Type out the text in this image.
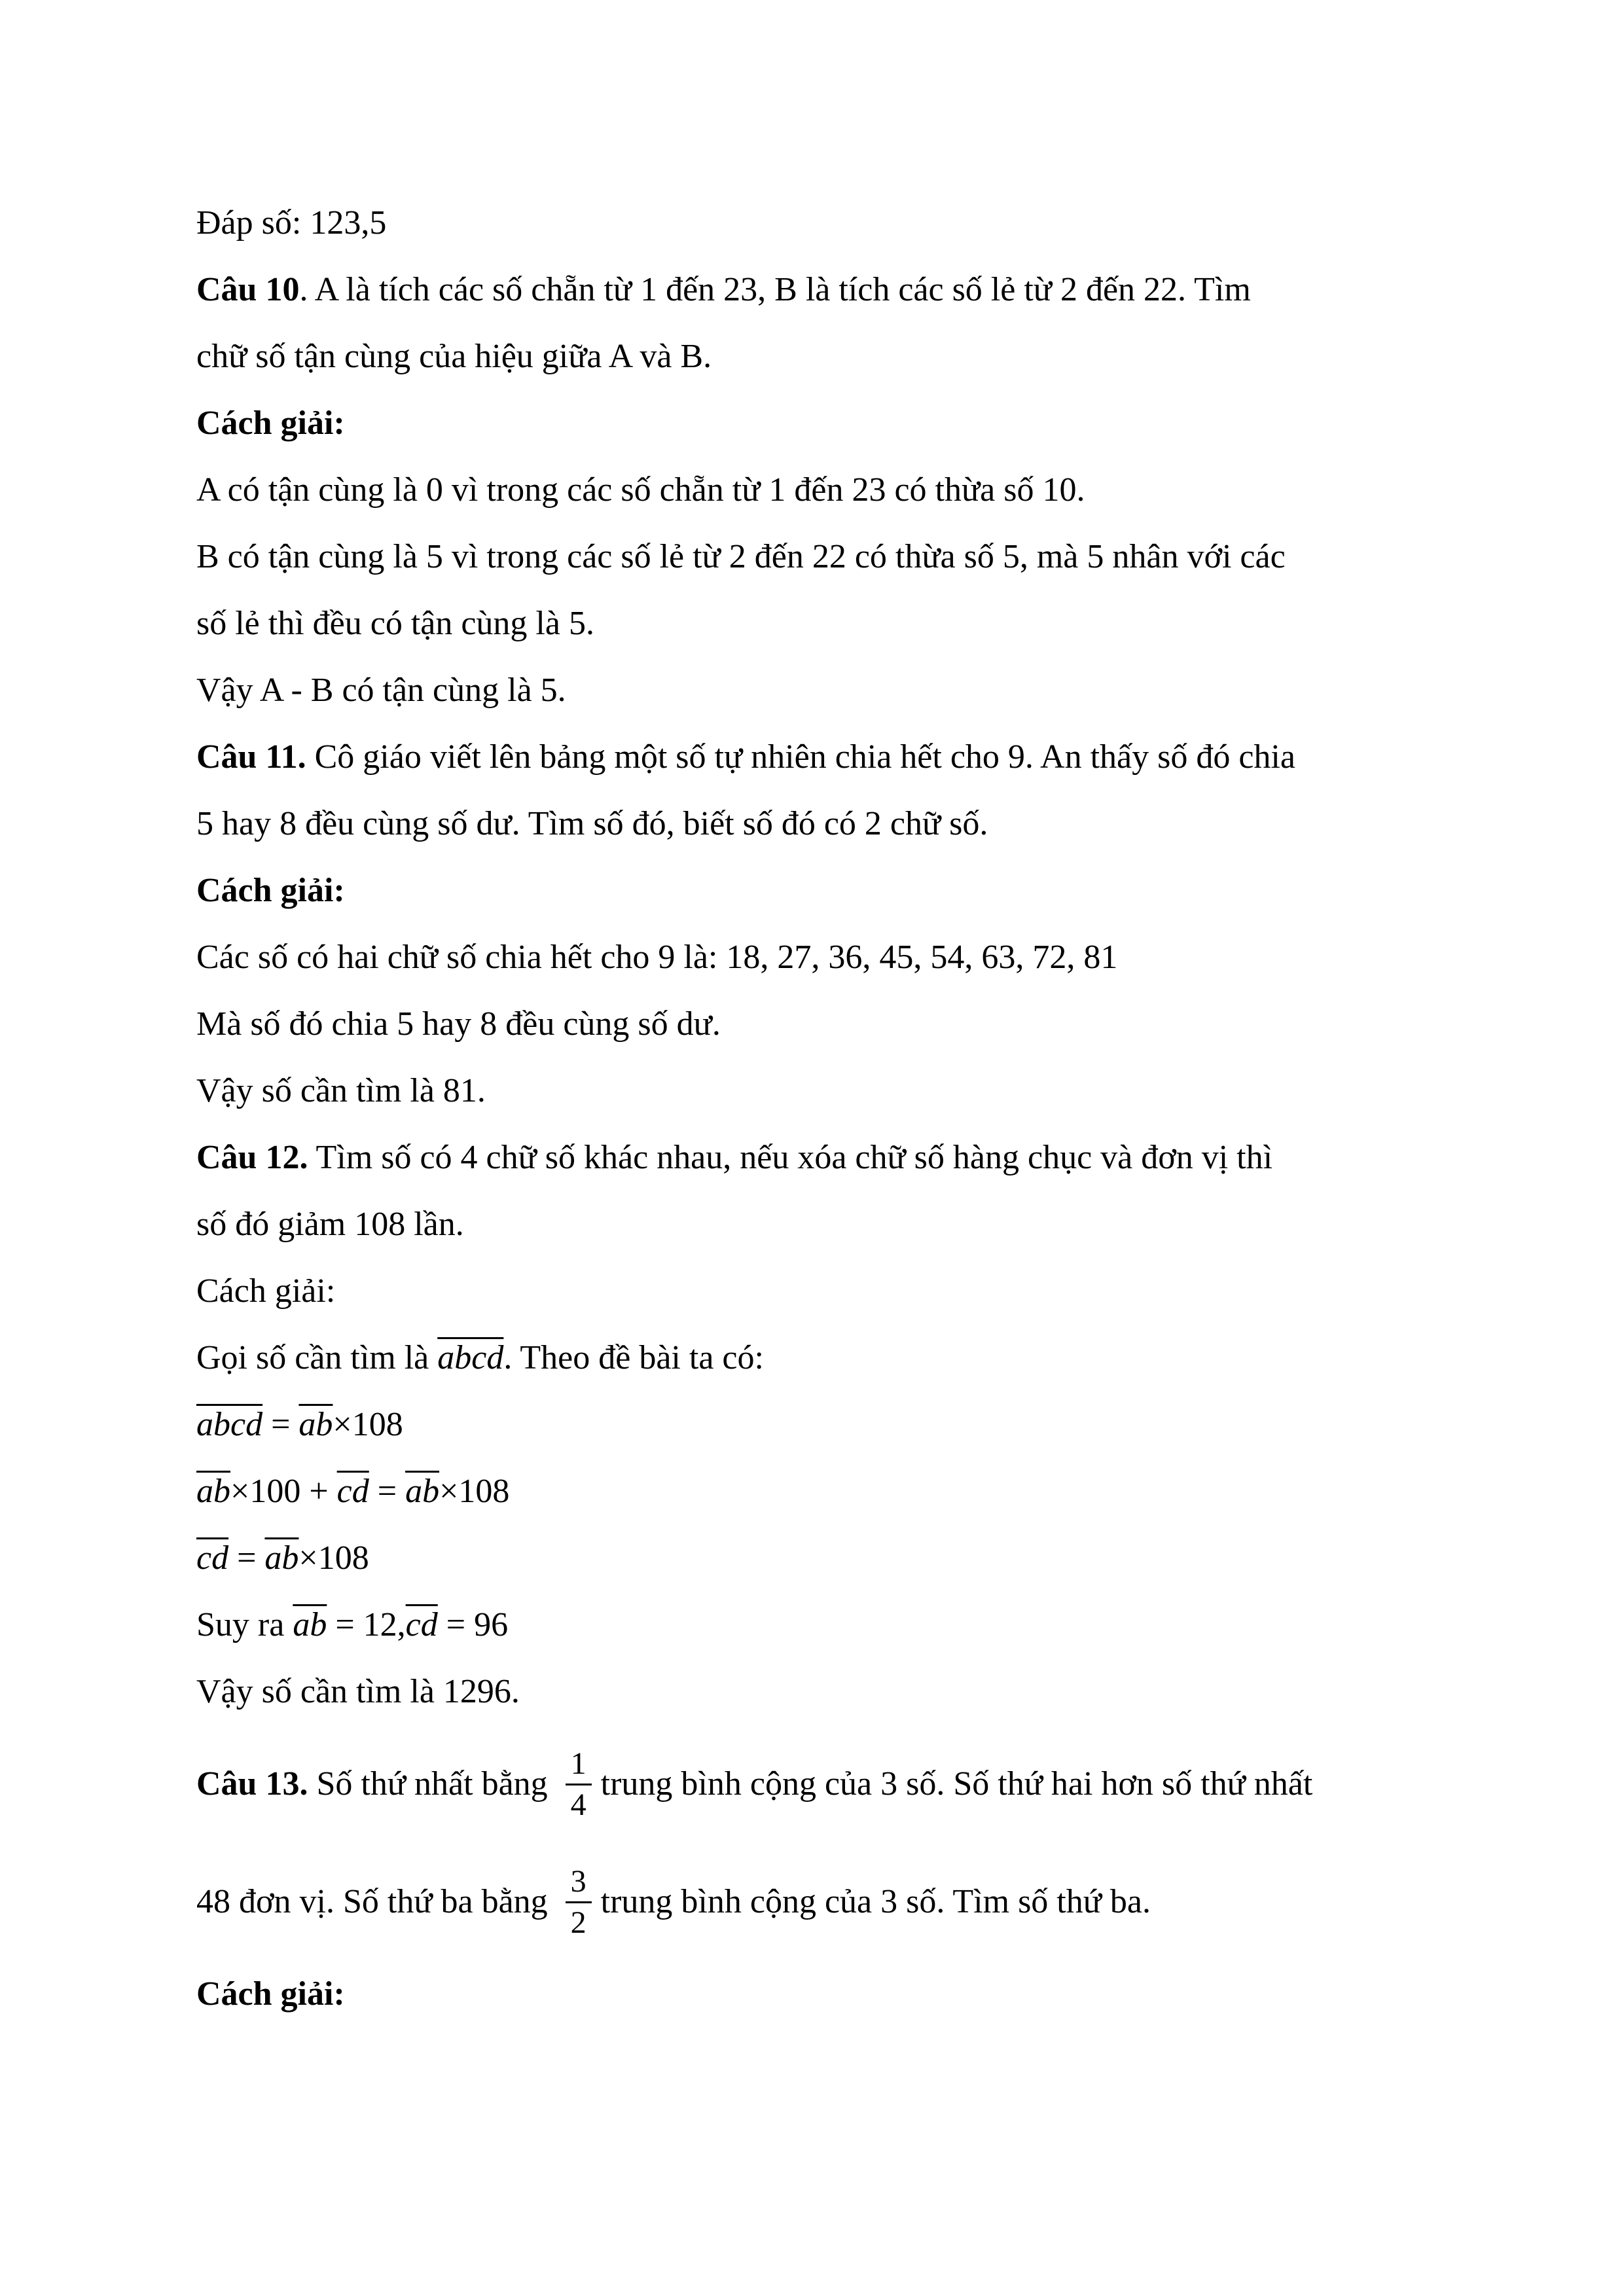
Đáp số: 123,5
Câu 10. A là tích các số chẵn từ 1 đến 23, B là tích các số lẻ từ 2 đến 22. Tìm
chữ số tận cùng của hiệu giữa A và B.
Cách giải:
A có tận cùng là 0 vì trong các số chẵn từ 1 đến 23 có thừa số 10.
B có tận cùng là 5 vì trong các số lẻ từ 2 đến 22 có thừa số 5, mà 5 nhân với các
số lẻ thì đều có tận cùng là 5.
Vậy A - B có tận cùng là 5.
Câu 11. Cô giáo viết lên bảng một số tự nhiên chia hết cho 9. An thấy số đó chia
5 hay 8 đều cùng số dư. Tìm số đó, biết số đó có 2 chữ số.
Cách giải:
Các số có hai chữ số chia hết cho 9 là: 18, 27, 36, 45, 54, 63, 72, 81
Mà số đó chia 5 hay 8 đều cùng số dư.
Vậy số cần tìm là 81.
Câu 12. Tìm số có 4 chữ số khác nhau, nếu xóa chữ số hàng chục và đơn vị thì
số đó giảm 108 lần.
Cách giải:
Gọi số cần tìm là abcd. Theo đề bài ta có:
abcd = $\overline{ab}\times 108$
$\overline{ab}\times 100 + \overline{cd} = \overline{ab}\times 108$
$\overline{cd} = \overline{ab}\times 108$
Suy ra $\overline{ab} = 12,\overline{cd} = 96$
Vậy số cần tìm là 1296.
Câu 13. Số thứ nhất bằng $\frac{1}{4}$ trung bình cộng của 3 số. Số thứ hai hơn số thứ nhất
48 đơn vị. Số thứ ba bằng $\frac{3}{2}$ trung bình cộng của 3 số. Tìm số thứ ba.
Cách giải:
